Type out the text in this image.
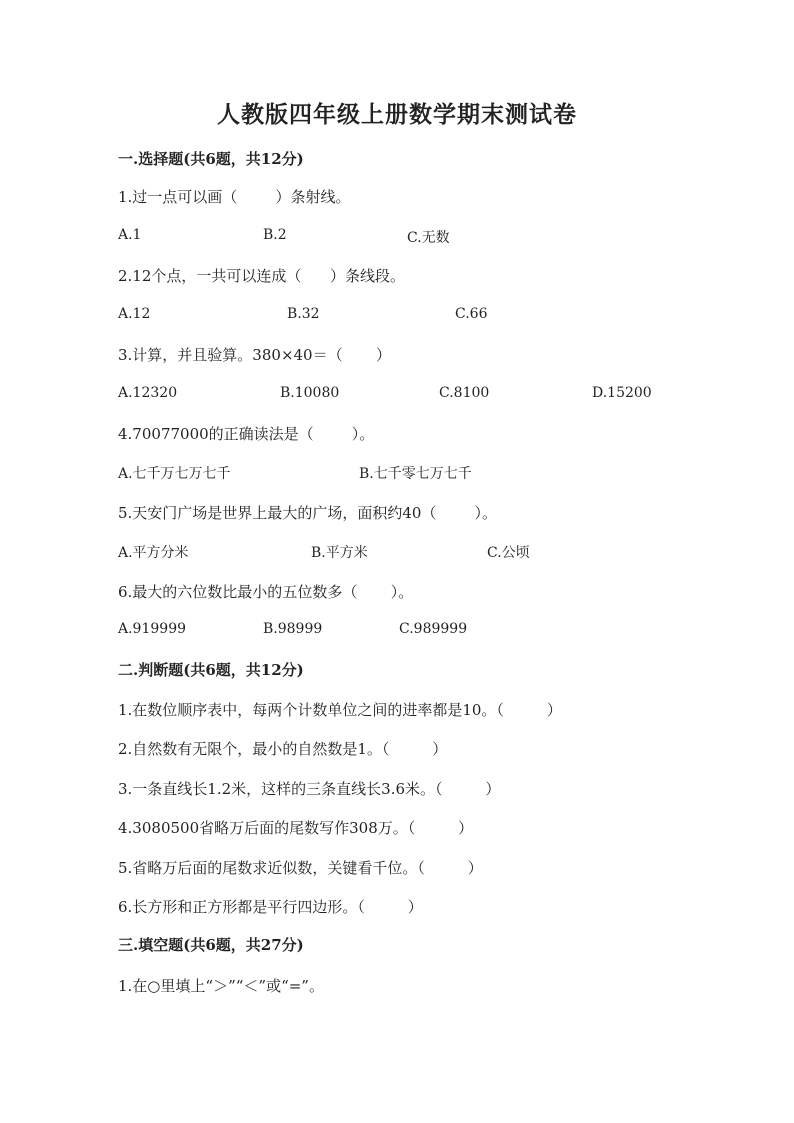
人教版四年级上册数学期末测试卷
一.选择题(共6题，共12分)
1.过一点可以画（        ）条射线。
A.1	B.2	C.无数
2.12个点，一共可以连成（      ）条线段。
A.12	B.32	C.66
3.计算，并且验算。380×40＝（       ）
A.12320	B.10080	C.8100	D.15200
4.70077000的正确读法是（        ）。
A.七千万七万七千	B.七千零七万七千
5.天安门广场是世界上最大的广场，面积约40（        ）。
A.平方分米	B.平方米	C.公顷
6.最大的六位数比最小的五位数多（       ）。
A.919999	B.98999	C.989999
二.判断题(共6题，共12分)
1.在数位顺序表中，每两个计数单位之间的进率都是10。（         ）
2.自然数有无限个，最小的自然数是1。（         ）
3.一条直线长1.2米，这样的三条直线长3.6米。（         ）
4.3080500省略万后面的尾数写作308万。（         ）
5.省略万后面的尾数求近似数，关键看千位。（         ）
6.长方形和正方形都是平行四边形。（         ）
三.填空题(共6题，共27分)
1.在○里填上“＞”“＜”或“=”。
